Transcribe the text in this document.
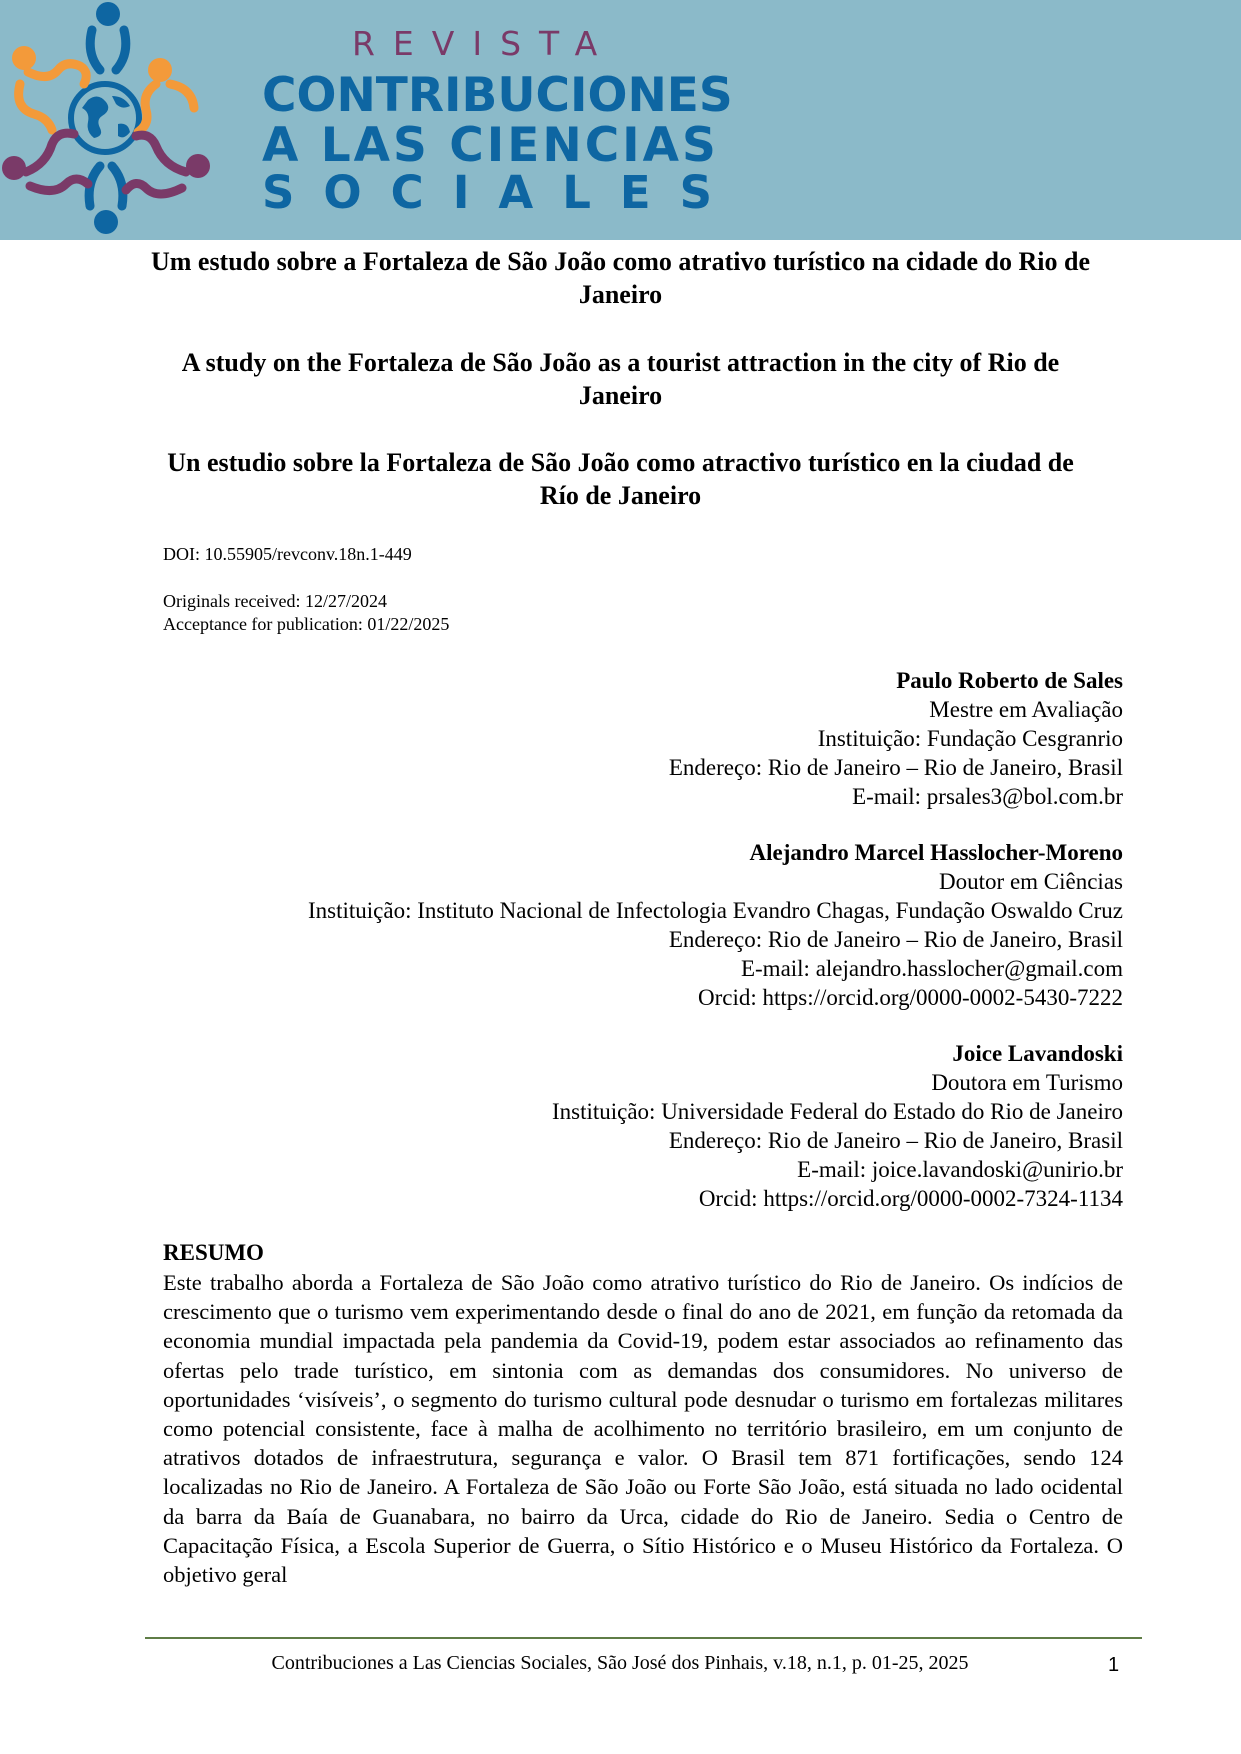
REVISTA
CONTRIBUCIONES
A LAS CIENCIAS
SOCIALES
Um estudo sobre a Fortaleza de São João como atrativo turístico na cidade do Rio de Janeiro
A study on the Fortaleza de São João as a tourist attraction in the city of Rio de Janeiro
Un estudio sobre la Fortaleza de São João como atractivo turístico en la ciudad de Río de Janeiro
DOI: 10.55905/revconv.18n.1-449
Originals received: 12/27/2024
Acceptance for publication: 01/22/2025
Paulo Roberto de Sales
Mestre em Avaliação
Instituição: Fundação Cesgranrio
Endereço: Rio de Janeiro – Rio de Janeiro, Brasil
E-mail: prsales3@bol.com.br
Alejandro Marcel Hasslocher-Moreno
Doutor em Ciências
Instituição: Instituto Nacional de Infectologia Evandro Chagas, Fundação Oswaldo Cruz
Endereço: Rio de Janeiro – Rio de Janeiro, Brasil
E-mail: alejandro.hasslocher@gmail.com
Orcid: https://orcid.org/0000-0002-5430-7222
Joice Lavandoski
Doutora em Turismo
Instituição: Universidade Federal do Estado do Rio de Janeiro
Endereço: Rio de Janeiro – Rio de Janeiro, Brasil
E-mail: joice.lavandoski@unirio.br
Orcid: https://orcid.org/0000-0002-7324-1134
RESUMO
Este trabalho aborda a Fortaleza de São João como atrativo turístico do Rio de Janeiro. Os indícios de crescimento que o turismo vem experimentando desde o final do ano de 2021, em função da retomada da economia mundial impactada pela pandemia da Covid-19, podem estar associados ao refinamento das ofertas pelo trade turístico, em sintonia com as demandas dos consumidores. No universo de oportunidades ‘visíveis’, o segmento do turismo cultural pode desnudar o turismo em fortalezas militares como potencial consistente, face à malha de acolhimento no território brasileiro, em um conjunto de atrativos dotados de infraestrutura, segurança e valor. O Brasil tem 871 fortificações, sendo 124 localizadas no Rio de Janeiro. A Fortaleza de São João ou Forte São João, está situada no lado ocidental da barra da Baía de Guanabara, no bairro da Urca, cidade do Rio de Janeiro. Sedia o Centro de Capacitação Física, a Escola Superior de Guerra, o Sítio Histórico e o Museu Histórico da Fortaleza. O objetivo geral
Contribuciones a Las Ciencias Sociales, São José dos Pinhais, v.18, n.1, p. 01-25, 2025	1
